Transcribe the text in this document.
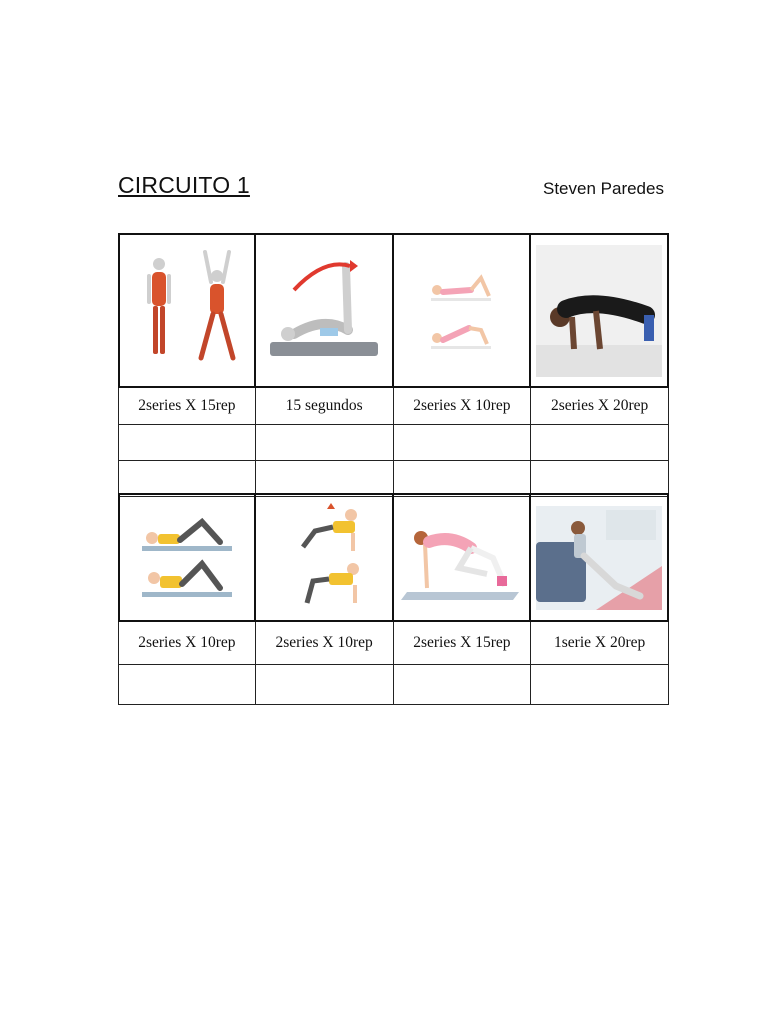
CIRCUITO 1	Steven Paredes
2series X 15rep	15 segundos	2series X 10rep	2series X 20rep
2series X 10rep	2series X 10rep	2series X 15rep	1serie X 20rep
